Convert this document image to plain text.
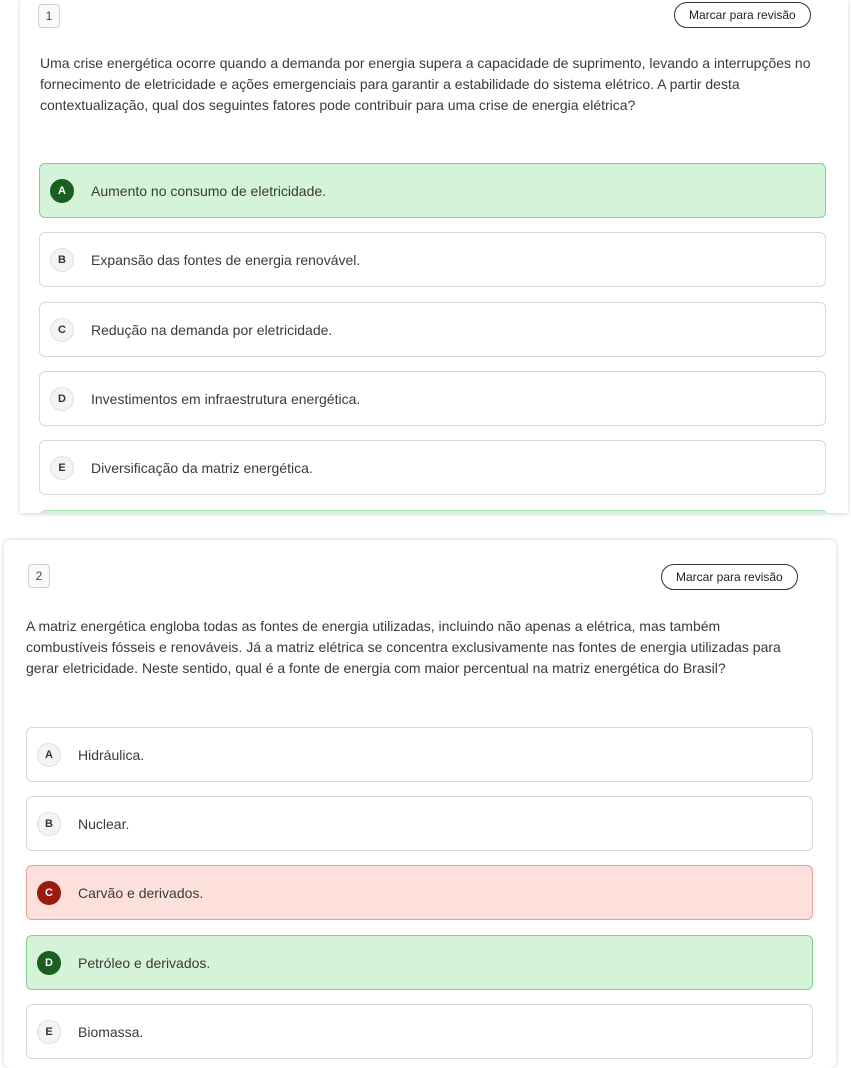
1	Marcar para revisão

Uma crise energética ocorre quando a demanda por energia supera a capacidade de suprimento, levando a interrupções no fornecimento de eletricidade e ações emergenciais para garantir a estabilidade do sistema elétrico. A partir desta contextualização, qual dos seguintes fatores pode contribuir para uma crise de energia elétrica?

A	Aumento no consumo de eletricidade.
B	Expansão das fontes de energia renovável.
C	Redução na demanda por eletricidade.
D	Investimentos em infraestrutura energética.
E	Diversificação da matriz energética.
2	Marcar para revisão

A matriz energética engloba todas as fontes de energia utilizadas, incluindo não apenas a elétrica, mas também combustíveis fósseis e renováveis. Já a matriz elétrica se concentra exclusivamente nas fontes de energia utilizadas para gerar eletricidade. Neste sentido, qual é a fonte de energia com maior percentual na matriz energética do Brasil?

A	Hidráulica.
B	Nuclear.
C	Carvão e derivados.
D	Petróleo e derivados.
E	Biomassa.
